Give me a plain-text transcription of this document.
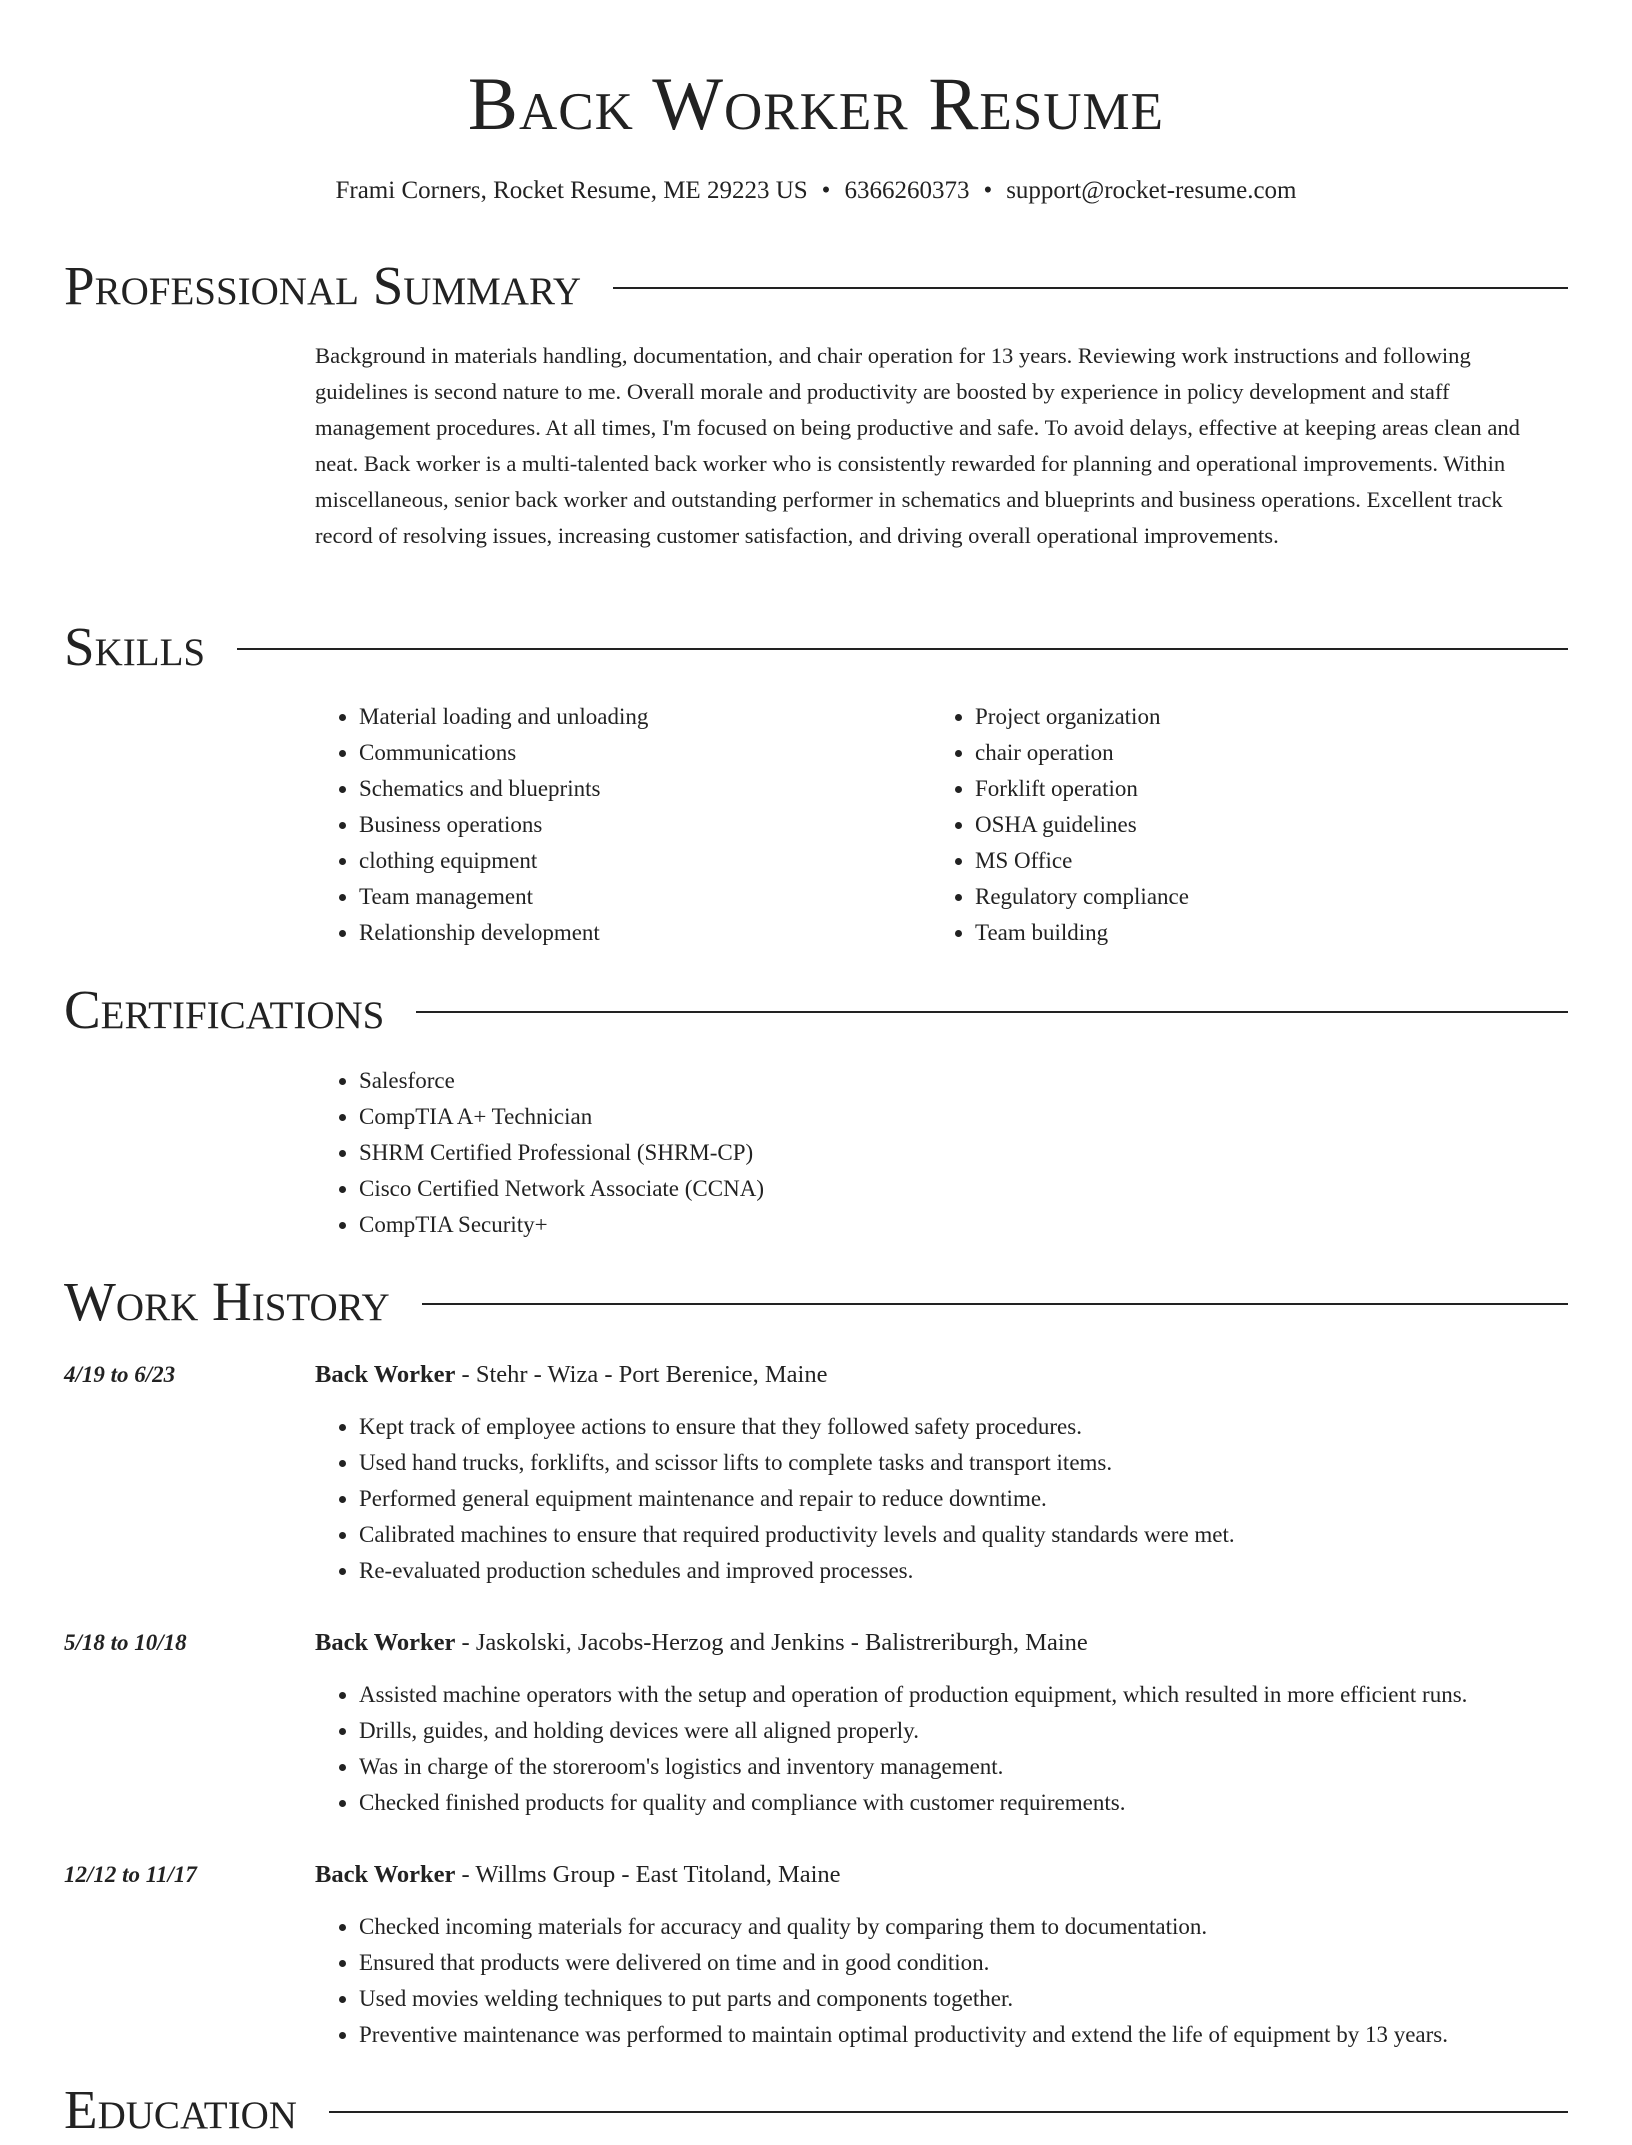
Back Worker Resume
Frami Corners, Rocket Resume, ME 29223 US • 6366260373 • support@rocket-resume.com
Professional Summary

Background in materials handling, documentation, and chair operation for 13 years. Reviewing work instructions and following guidelines is second nature to me. Overall morale and productivity are boosted by experience in policy development and staff management procedures. At all times, I'm focused on being productive and safe. To avoid delays, effective at keeping areas clean and neat. Back worker is a multi-talented back worker who is consistently rewarded for planning and operational improvements. Within miscellaneous, senior back worker and outstanding performer in schematics and blueprints and business operations. Excellent track record of resolving issues, increasing customer satisfaction, and driving overall operational improvements.

Skills
• Material loading and unloading
• Communications
• Schematics and blueprints
• Business operations
• clothing equipment
• Team management
• Relationship development
• Project organization
• chair operation
• Forklift operation
• OSHA guidelines
• MS Office
• Regulatory compliance
• Team building
Certifications
• Salesforce
• CompTIA A+ Technician
• SHRM Certified Professional (SHRM-CP)
• Cisco Certified Network Associate (CCNA)
• CompTIA Security+
Work History
4/19 to 6/23	Back Worker - Stehr - Wiza - Port Berenice, Maine
• Kept track of employee actions to ensure that they followed safety procedures.
• Used hand trucks, forklifts, and scissor lifts to complete tasks and transport items.
• Performed general equipment maintenance and repair to reduce downtime.
• Calibrated machines to ensure that required productivity levels and quality standards were met.
• Re-evaluated production schedules and improved processes.
5/18 to 10/18	Back Worker - Jaskolski, Jacobs-Herzog and Jenkins - Balistreriburgh, Maine
• Assisted machine operators with the setup and operation of production equipment, which resulted in more efficient runs.
• Drills, guides, and holding devices were all aligned properly.
• Was in charge of the storeroom's logistics and inventory management.
• Checked finished products for quality and compliance with customer requirements.
12/12 to 11/17	Back Worker - Willms Group - East Titoland, Maine
• Checked incoming materials for accuracy and quality by comparing them to documentation.
• Ensured that products were delivered on time and in good condition.
• Used movies welding techniques to put parts and components together.
• Preventive maintenance was performed to maintain optimal productivity and extend the life of equipment by 13 years.
Education
